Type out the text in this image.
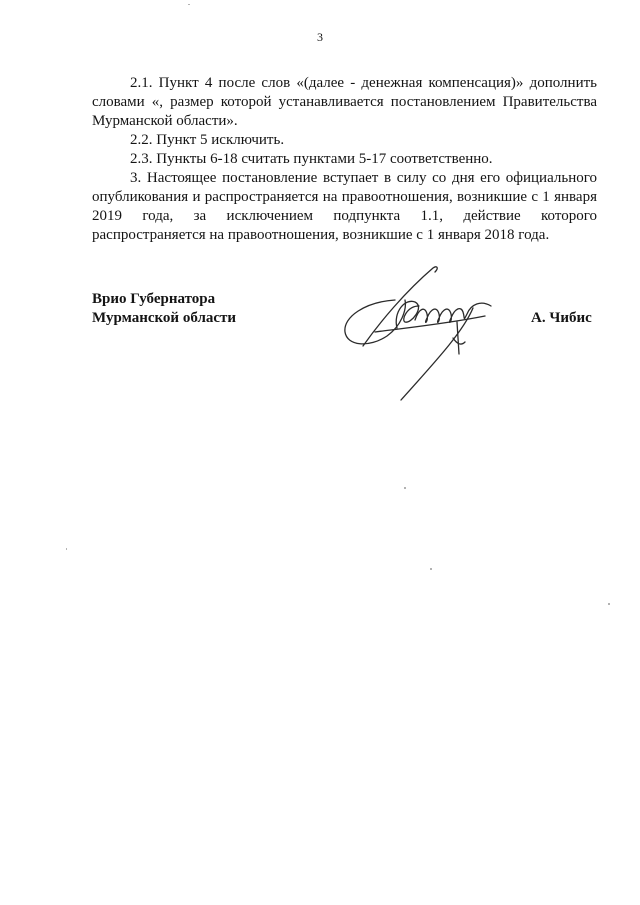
3

2.1. Пункт 4 после слов «(далее - денежная компенсация)» дополнить словами «, размер которой устанавливается постановлением Правительства Мурманской области».

2.2. Пункт 5 исключить.

2.3. Пункты 6-18 считать пунктами 5-17 соответственно.

3. Настоящее постановление вступает в силу со дня его официального опубликования и распространяется на правоотношения, возникшие с 1 января 2019 года, за исключением подпункта 1.1, действие которого распространяется на правоотношения, возникшие с 1 января 2018 года.

Врио Губернатора
Мурманской области	А. Чибис
